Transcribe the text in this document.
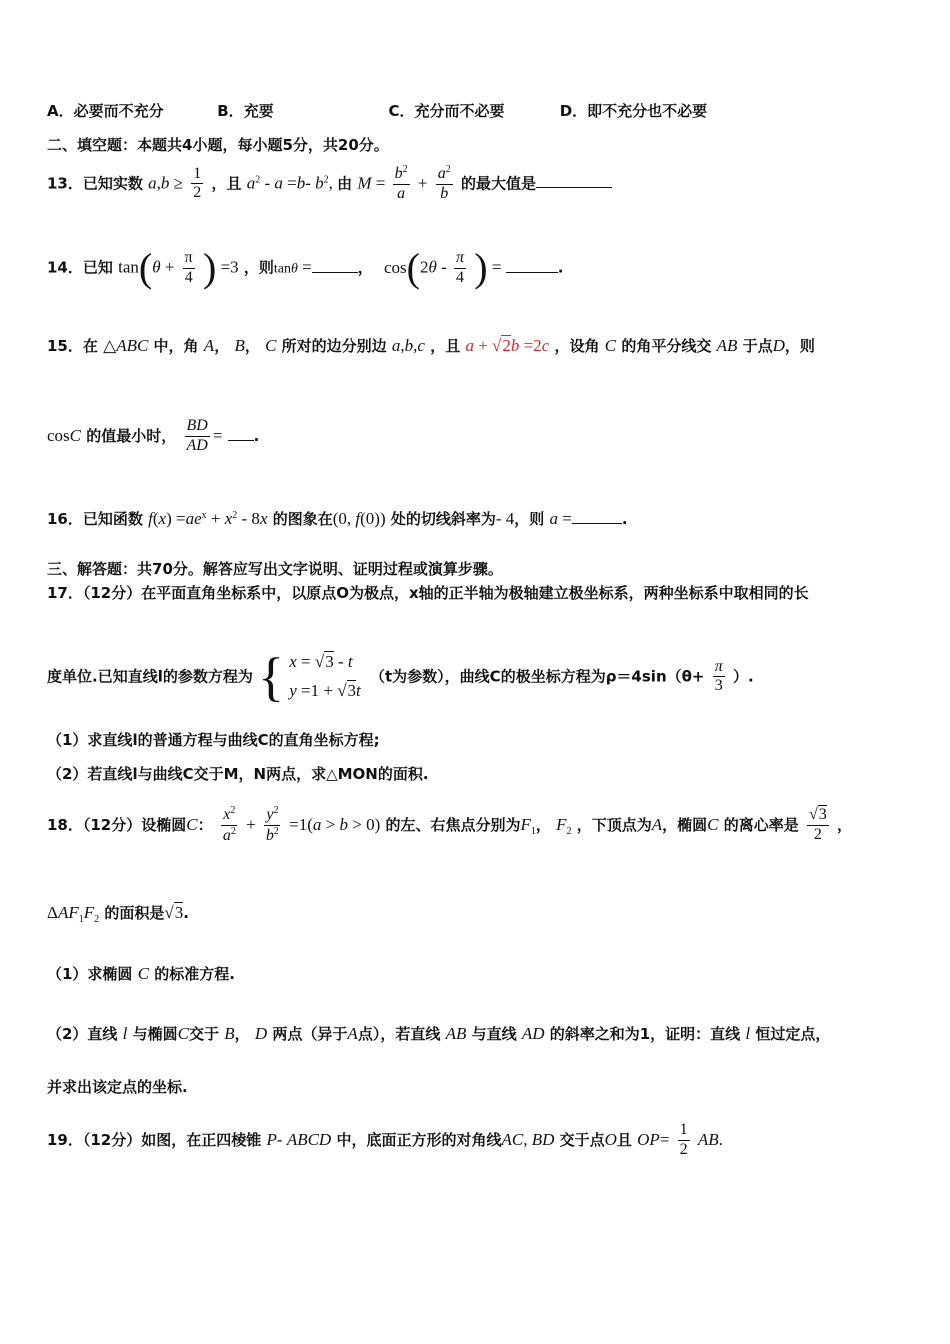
A．必要而不充分	B．充要	C．充分而不必要	D．即不充分也不必要
二、填空题：本题共4小题，每小题5分，共20分。
13．已知实数 $a,b \ge \frac{1}{2}$ ，且 $a^2 - a =b-$ $b^2$, 由 $M = \frac{b^2}{a} + \frac{a^2}{b}$ 的最大值是
14．已知 $\tan(\theta + \frac{\pi}{4}$ ) =3 ，则tanθ =	， $\cos(2\theta - \frac{\pi}{4}$ ) =	.
15．在 △ABC 中，角 A， B， C 所对的边分别边 a,b,c ，且 a + √2b =2c ，设角 C 的角平分线交 AB 于点D，则
cosC 的值最小时， $\frac{BD}{AD}$ = .
16．已知函数 $f(x) =ae^x + x^2 - 8x$ 的图象在(0, f(0)) 处的切线斜率为- 4，则 a =	.
三、解答题：共70分。解答应写出文字说明、证明过程或演算步骤。
17．（12分）在平面直角坐标系中，以原点O为极点，x轴的正半轴为极轴建立极坐标系，两种坐标系中取相同的长
度单位.已知直线l的参数方程为 { x = √3 - t
y =1 + √3t
（t为参数），曲线C的极坐标方程为$\rho=4\sin(\theta+ \frac{\pi}{3}$ ）.
（1）求直线l的普通方程与曲线C的直角坐标方程;
（2）若直线l与曲线C交于M，N两点，求△MON的面积.
18．（12分）设椭圆C： $\frac{x^2}{a^2} + \frac{y^2}{b^2} =1(a > b > 0)$ 的左、右焦点分别为$F_1$， $F_2$ ，下顶点为A，椭圆C 的离心率是 $\frac{√3}{2}$ ，
$\Delta AF_1F_2$ 的面积是√3.
（1）求椭圆 C 的标准方程.
（2）直线 l 与椭圆C交于 B， D 两点（异于A点），若直线 AB 与直线 AD 的斜率之和为1，证明：直线 l 恒过定点，
并求出该定点的坐标.
19．（12分）如图，在正四棱锥 P- ABCD 中，底面正方形的对角线AC, BD 交于点O且 $OP= \frac{1}{2}$ AB.
